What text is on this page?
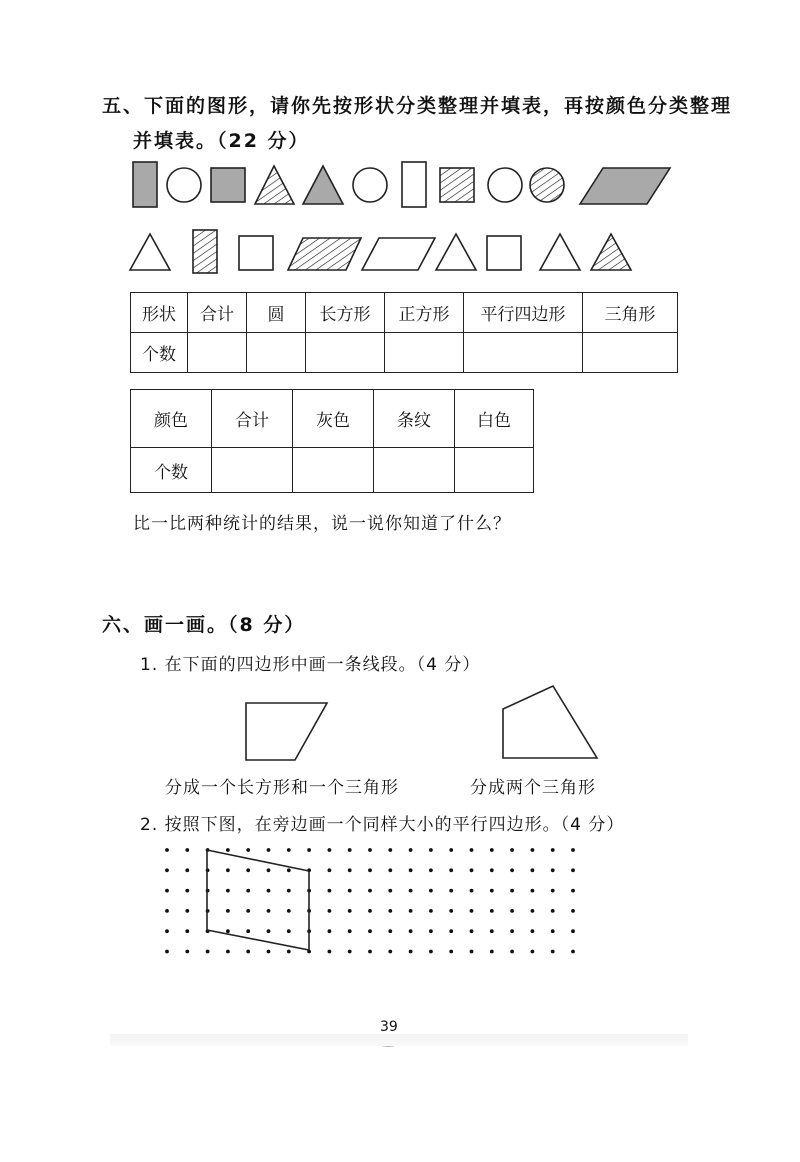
五、下面的图形，请你先按形状分类整理并填表，再按颜色分类整理
并填表。（22 分）
形状	合计	圆	长方形	正方形	平行四边形	三角形
个数						
颜色	合计	灰色	条纹	白色
个数				
比一比两种统计的结果，说一说你知道了什么？
六、画一画。（8 分）
1. 在下面的四边形中画一条线段。（4 分）
分成一个长方形和一个三角形	分成两个三角形
2. 按照下图，在旁边画一个同样大小的平行四边形。（4 分）
39
